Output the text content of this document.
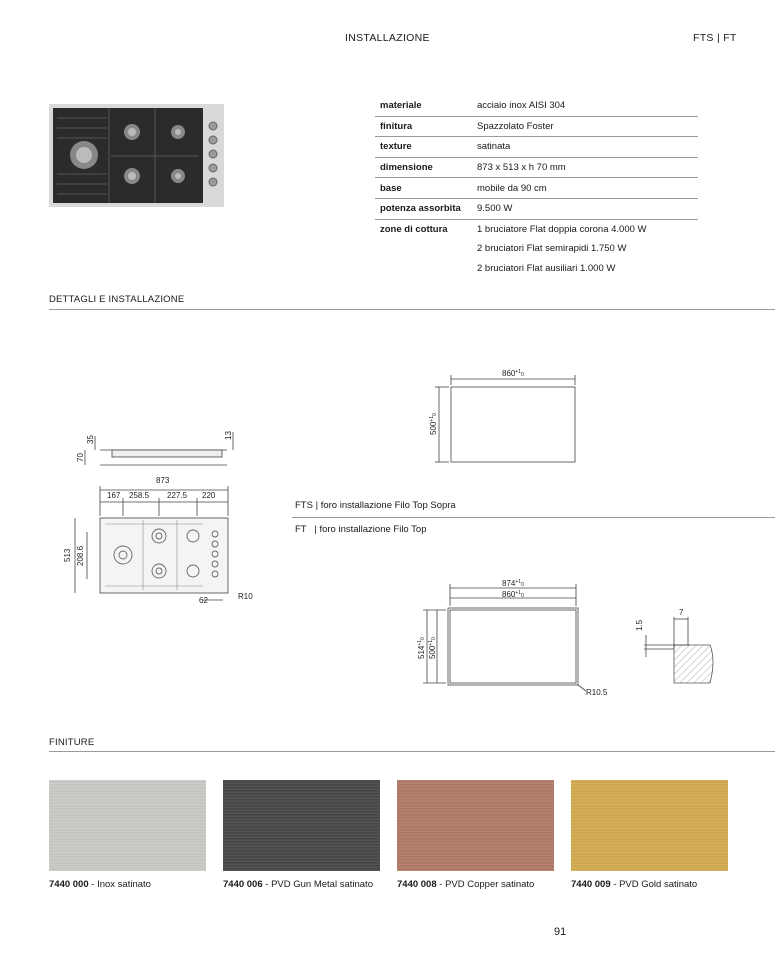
INSTALLAZIONE	FTS | FT
materiale	acciaio inox AISI 304
finitura	Spazzolato Foster
texture	satinata
dimensione	873 x 513 x h 70 mm
base	mobile da 90 cm
potenza assorbita	9.500 W
zone di cottura	1 bruciatore Flat doppia corona 4.000 W
2 bruciatori Flat semirapidi 1.750 W
2 bruciatori Flat ausiliari 1.000 W
DETTAGLI E INSTALLAZIONE
35
70
13
873
167 258.5 227.5 220
513 208.6
62	R10
$860^{+1}_0$
$500^{+1}_0$
FTS | foro installazione Filo Top Sopra
FT   | foro installazione Filo Top
$874^{+1}_0$
$860^{+1}_0$
$514^{+1}_0$
$500^{+1}_0$
R10.5
7
1.5
FINITURE
7440 000 - Inox satinato	7440 006 - PVD Gun Metal satinato	7440 008 - PVD Copper satinato	7440 009 - PVD Gold satinato
91
